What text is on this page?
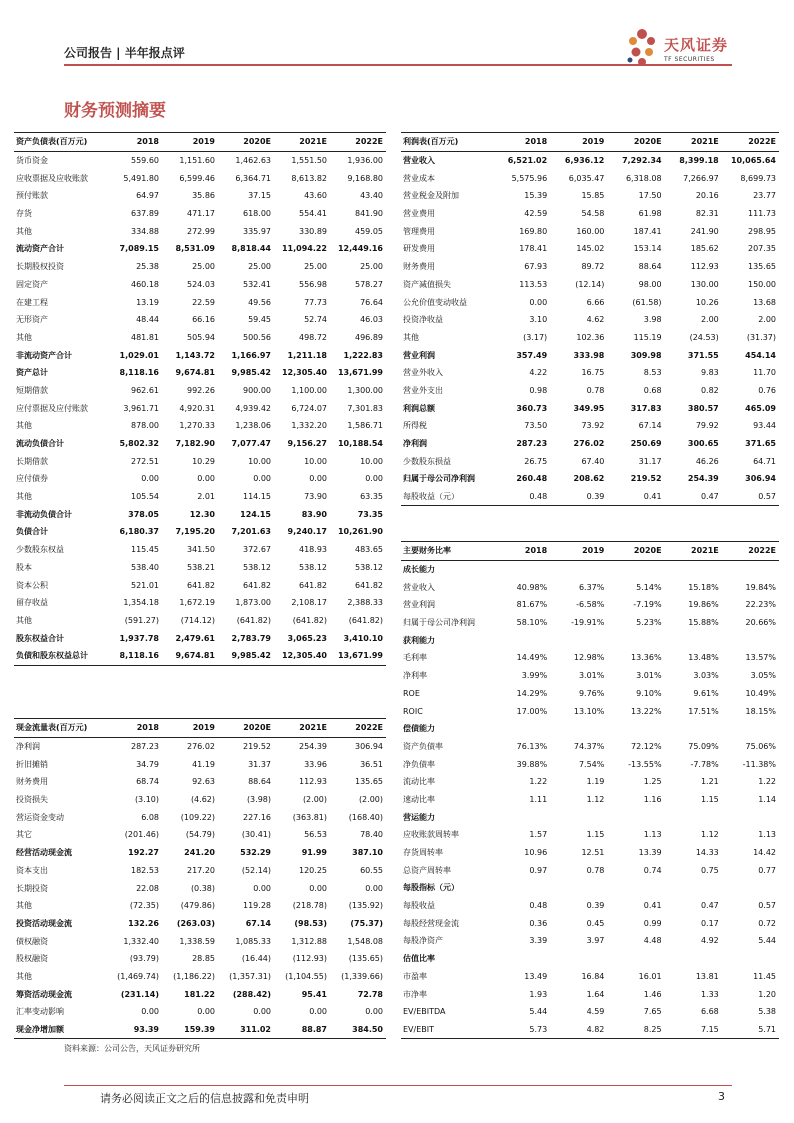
公司报告 | 半年报点评	天风证券
TF SECURITIES
财务预测摘要
资产负债表(百万元)	2018	2019	2020E	2021E	2022E
货币资金	559.60	1,151.60	1,462.63	1,551.50	1,936.00
应收票据及应收账款	5,491.80	6,599.46	6,364.71	8,613.82	9,168.80
预付账款	64.97	35.86	37.15	43.60	43.40
存货	637.89	471.17	618.00	554.41	841.90
其他	334.88	272.99	335.97	330.89	459.05
流动资产合计	7,089.15	8,531.09	8,818.44	11,094.22	12,449.16
长期股权投资	25.38	25.00	25.00	25.00	25.00
固定资产	460.18	524.03	532.41	556.98	578.27
在建工程	13.19	22.59	49.56	77.73	76.64
无形资产	48.44	66.16	59.45	52.74	46.03
其他	481.81	505.94	500.56	498.72	496.89
非流动资产合计	1,029.01	1,143.72	1,166.97	1,211.18	1,222.83
资产总计	8,118.16	9,674.81	9,985.42	12,305.40	13,671.99
短期借款	962.61	992.26	900.00	1,100.00	1,300.00
应付票据及应付账款	3,961.71	4,920.31	4,939.42	6,724.07	7,301.83
其他	878.00	1,270.33	1,238.06	1,332.20	1,586.71
流动负债合计	5,802.32	7,182.90	7,077.47	9,156.27	10,188.54
长期借款	272.51	10.29	10.00	10.00	10.00
应付债券	0.00	0.00	0.00	0.00	0.00
其他	105.54	2.01	114.15	73.90	63.35
非流动负债合计	378.05	12.30	124.15	83.90	73.35
负债合计	6,180.37	7,195.20	7,201.63	9,240.17	10,261.90
少数股东权益	115.45	341.50	372.67	418.93	483.65
股本	538.40	538.21	538.12	538.12	538.12
资本公积	521.01	641.82	641.82	641.82	641.82
留存收益	1,354.18	1,672.19	1,873.00	2,108.17	2,388.33
其他	(591.27)	(714.12)	(641.82)	(641.82)	(641.82)
股东权益合计	1,937.78	2,479.61	2,783.79	3,065.23	3,410.10
负债和股东权益总计	8,118.16	9,674.81	9,985.42	12,305.40	13,671.99
利润表(百万元)	2018	2019	2020E	2021E	2022E
营业收入	6,521.02	6,936.12	7,292.34	8,399.18	10,065.64
营业成本	5,575.96	6,035.47	6,318.08	7,266.97	8,699.73
营业税金及附加	15.39	15.85	17.50	20.16	23.77
营业费用	42.59	54.58	61.98	82.31	111.73
管理费用	169.80	160.00	187.41	241.90	298.95
研发费用	178.41	145.02	153.14	185.62	207.35
财务费用	67.93	89.72	88.64	112.93	135.65
资产减值损失	113.53	(12.14)	98.00	130.00	150.00
公允价值变动收益	0.00	6.66	(61.58)	10.26	13.68
投资净收益	3.10	4.62	3.98	2.00	2.00
其他	(3.17)	102.36	115.19	(24.53)	(31.37)
营业利润	357.49	333.98	309.98	371.55	454.14
营业外收入	4.22	16.75	8.53	9.83	11.70
营业外支出	0.98	0.78	0.68	0.82	0.76
利润总额	360.73	349.95	317.83	380.57	465.09
所得税	73.50	73.92	67.14	79.92	93.44
净利润	287.23	276.02	250.69	300.65	371.65
少数股东损益	26.75	67.40	31.17	46.26	64.71
归属于母公司净利润	260.48	208.62	219.52	254.39	306.94
每股收益（元）	0.48	0.39	0.41	0.47	0.57
主要财务比率	2018	2019	2020E	2021E	2022E
成长能力					
营业收入	40.98%	6.37%	5.14%	15.18%	19.84%
营业利润	81.67%	-6.58%	-7.19%	19.86%	22.23%
归属于母公司净利润	58.10%	-19.91%	5.23%	15.88%	20.66%
获利能力					
毛利率	14.49%	12.98%	13.36%	13.48%	13.57%
净利率	3.99%	3.01%	3.01%	3.03%	3.05%
ROE	14.29%	9.76%	9.10%	9.61%	10.49%
ROIC	17.00%	13.10%	13.22%	17.51%	18.15%
偿债能力					
资产负债率	76.13%	74.37%	72.12%	75.09%	75.06%
净负债率	39.88%	7.54%	-13.55%	-7.78%	-11.38%
流动比率	1.22	1.19	1.25	1.21	1.22
速动比率	1.11	1.12	1.16	1.15	1.14
营运能力					
应收账款周转率	1.57	1.15	1.13	1.12	1.13
存货周转率	10.96	12.51	13.39	14.33	14.42
总资产周转率	0.97	0.78	0.74	0.75	0.77
每股指标（元）					
每股收益	0.48	0.39	0.41	0.47	0.57
每股经营现金流	0.36	0.45	0.99	0.17	0.72
每股净资产	3.39	3.97	4.48	4.92	5.44
估值比率					
市盈率	13.49	16.84	16.01	13.81	11.45
市净率	1.93	1.64	1.46	1.33	1.20
EV/EBITDA	5.44	4.59	7.65	6.68	5.38
EV/EBIT	5.73	4.82	8.25	7.15	5.71
现金流量表(百万元)	2018	2019	2020E	2021E	2022E
净利润	287.23	276.02	219.52	254.39	306.94
折旧摊销	34.79	41.19	31.37	33.96	36.51
财务费用	68.74	92.63	88.64	112.93	135.65
投资损失	(3.10)	(4.62)	(3.98)	(2.00)	(2.00)
营运资金变动	6.08	(109.22)	227.16	(363.81)	(168.40)
其它	(201.46)	(54.79)	(30.41)	56.53	78.40
经营活动现金流	192.27	241.20	532.29	91.99	387.10
资本支出	182.53	217.20	(52.14)	120.25	60.55
长期投资	22.08	(0.38)	0.00	0.00	0.00
其他	(72.35)	(479.86)	119.28	(218.78)	(135.92)
投资活动现金流	132.26	(263.03)	67.14	(98.53)	(75.37)
债权融资	1,332.40	1,338.59	1,085.33	1,312.88	1,548.08
股权融资	(93.79)	28.85	(16.44)	(112.93)	(135.65)
其他	(1,469.74)	(1,186.22)	(1,357.31)	(1,104.55)	(1,339.66)
筹资活动现金流	(231.14)	181.22	(288.42)	95.41	72.78
汇率变动影响	0.00	0.00	0.00	0.00	0.00
现金净增加额	93.39	159.39	311.02	88.87	384.50
资料来源：公司公告，天风证券研究所
请务必阅读正文之后的信息披露和免责申明	3
